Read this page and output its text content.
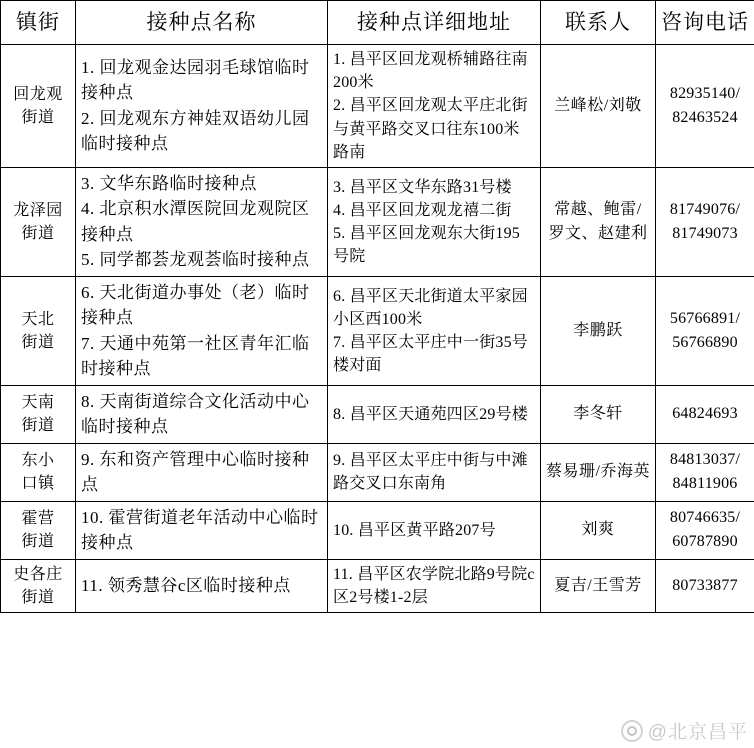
镇街	接种点名称	接种点详细地址	联系人	咨询电话

回龙观
街道	1. 回龙观金达园羽毛球馆临时接种点
2. 回龙观东方神娃双语幼儿园临时接种点	1. 昌平区回龙观桥辅路往南200米
2. 昌平区回龙观太平庄北街与黄平路交叉口往东100米路南	兰峰松/刘敬	82935140/
82463524

龙泽园
街道	3. 文华东路临时接种点
4. 北京积水潭医院回龙观院区接种点
5. 同学都荟龙观荟临时接种点	3. 昌平区文华东路31号楼
4. 昌平区回龙观龙禧二街
5. 昌平区回龙观东大街195号院	常越、鲍雷/
罗文、赵建利	81749076/
81749073

天北
街道	6. 天北街道办事处（老）临时接种点
7. 天通中苑第一社区青年汇临时接种点	6. 昌平区天北街道太平家园小区西100米
7. 昌平区太平庄中一街35号楼对面	李鹏跃	56766891/
56766890

天南
街道	8. 天南街道综合文化活动中心临时接种点	8. 昌平区天通苑四区29号楼	李冬轩	64824693

东小
口镇	9. 东和资产管理中心临时接种点	9. 昌平区太平庄中街与中滩路交叉口东南角	蔡易珊/乔海英	84813037/
84811906

霍营
街道	10. 霍营街道老年活动中心临时接种点	10. 昌平区黄平路207号	刘爽	80746635/
60787890

史各庄
街道	11. 领秀慧谷c区临时接种点	11. 昌平区农学院北路9号院c区2号楼1-2层	夏吉/王雪芳	80733877
@北京昌平
